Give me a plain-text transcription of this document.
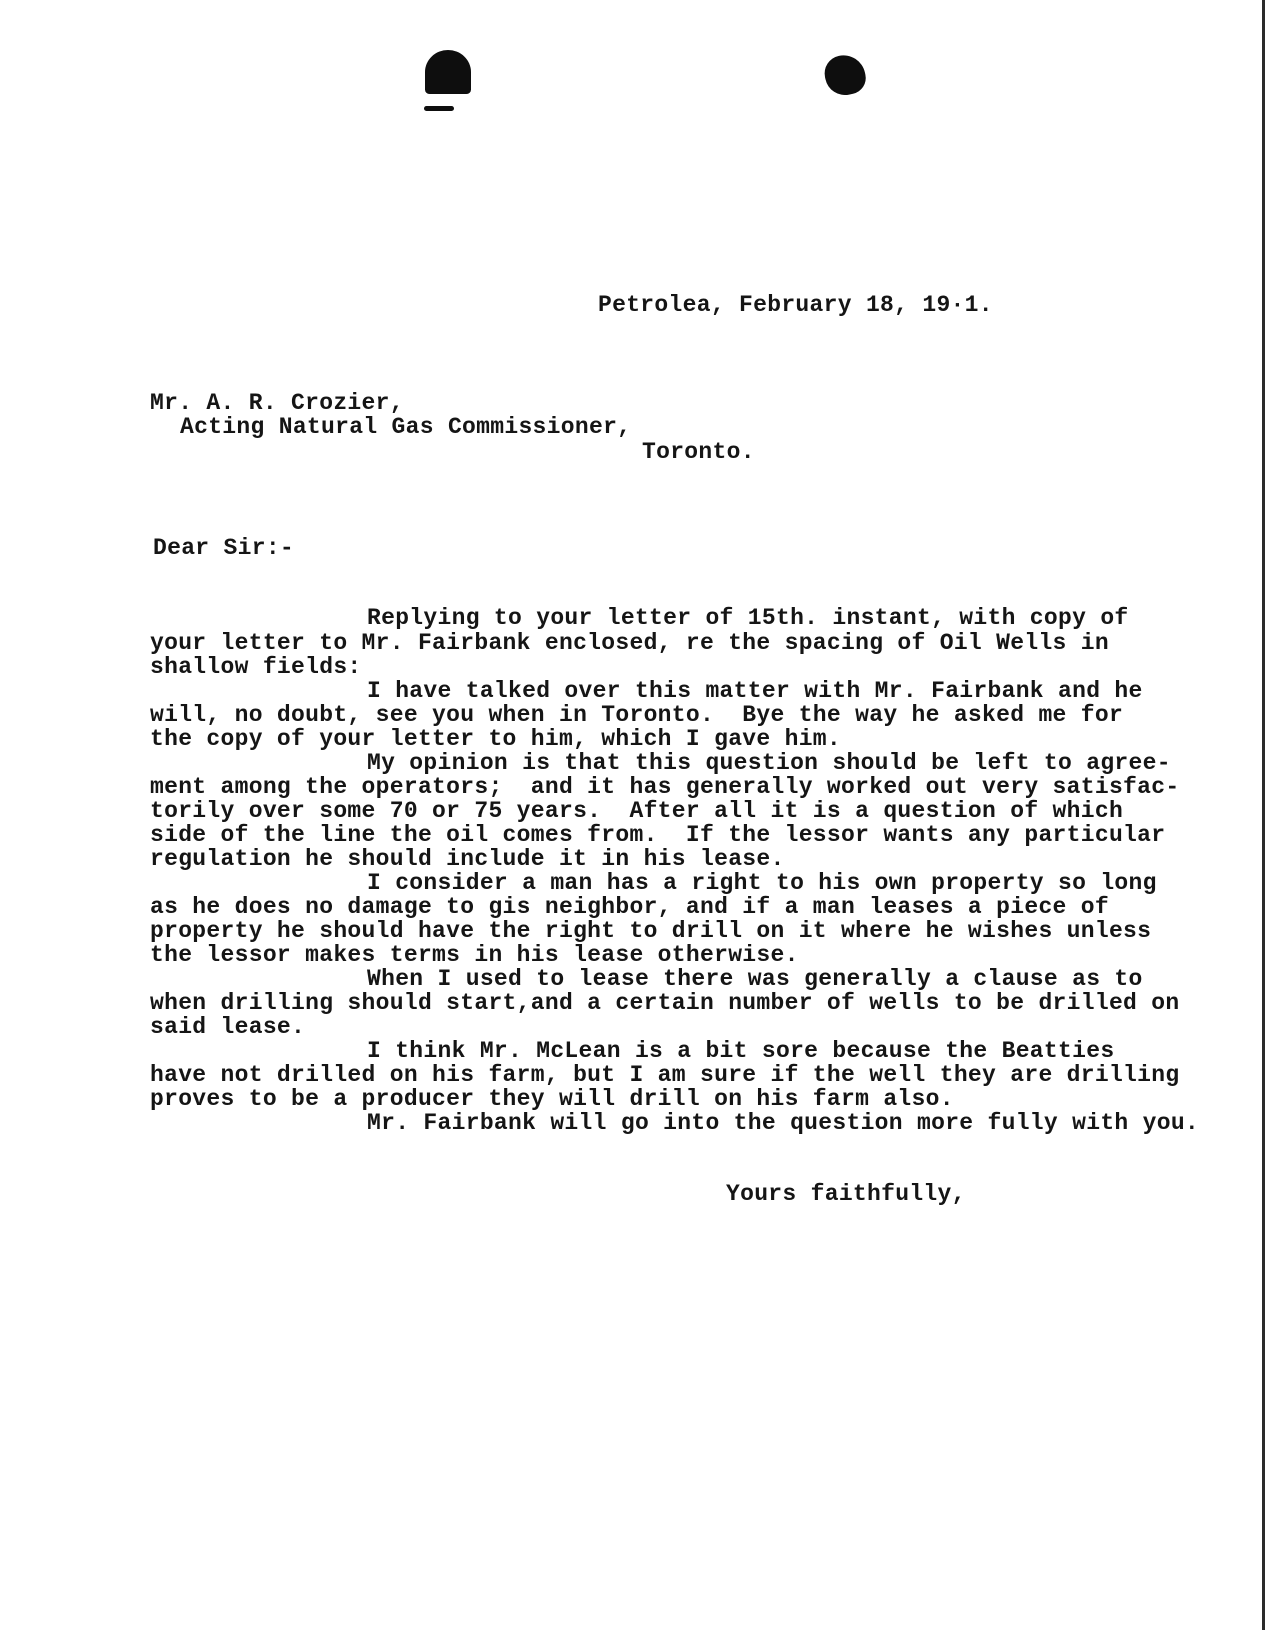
Petrolea, February 18, 19·1.
Mr. A. R. Crozier,
Acting Natural Gas Commissioner,
Toronto.
Dear Sir:-
Replying to your letter of 15th. instant, with copy of
your letter to Mr. Fairbank enclosed, re the spacing of Oil Wells in
shallow fields:
I have talked over this matter with Mr. Fairbank and he
will, no doubt, see you when in Toronto.  Bye the way he asked me for
the copy of your letter to him, which I gave him.
My opinion is that this question should be left to agree-
ment among the operators;  and it has generally worked out very satisfac-
torily over some 70 or 75 years.  After all it is a question of which
side of the line the oil comes from.  If the lessor wants any particular
regulation he should include it in his lease.
I consider a man has a right to his own property so long
as he does no damage to gis neighbor, and if a man leases a piece of
property he should have the right to drill on it where he wishes unless
the lessor makes terms in his lease otherwise.
When I used to lease there was generally a clause as to
when drilling should start,and a certain number of wells to be drilled on
said lease.
I think Mr. McLean is a bit sore because the Beatties
have not drilled on his farm, but I am sure if the well they are drilling
proves to be a producer they will drill on his farm also.
Mr. Fairbank will go into the question more fully with you.
Yours faithfully,
